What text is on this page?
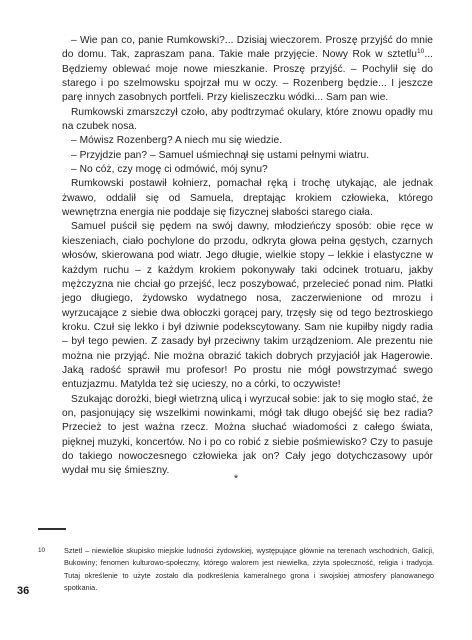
– Wie pan co, panie Rumkowski?... Dzisiaj wieczorem. Proszę przyjść do mnie do domu. Tak, zapraszam pana. Takie małe przyjęcie. Nowy Rok w sztetlu$^{10}$... Będziemy oblewać moje nowe mieszkanie. Proszę przyjść. – Pochylił się do starego i po szelmowsku spojrzał mu w oczy. – Rozenberg będzie... I jeszcze parę innych zasobnych portfeli. Przy kieliszeczku wódki... Sam pan wie.

Rumkowski zmarszczył czoło, aby podtrzymać okulary, które znowu opadły mu na czubek nosa.

– Mówisz Rozenberg? A niech mu się wiedzie.

– Przyjdzie pan? – Samuel uśmiechnął się ustami pełnymi wiatru.

– No cóż, czy mogę ci odmówić, mój synu?

Rumkowski postawił kołnierz, pomachał ręką i trochę utykając, ale jednak żwawo, oddalił się od Samuela, dreptając krokiem człowieka, którego wewnętrzna energia nie poddaje się fizycznej słabości starego ciała.

Samuel puścił się pędem na swój dawny, młodzieńczy sposób: obie ręce w kieszeniach, ciało pochylone do przodu, odkryta głowa pełna gęstych, czarnych włosów, skierowana pod wiatr. Jego długie, wielkie stopy – lekkie i elastyczne w każdym ruchu – z każdym krokiem pokonywały taki odcinek trotuaru, jakby mężczyzna nie chciał go przejść, lecz poszybować, przelecieć ponad nim. Płatki jego długiego, żydowsko wydatnego nosa, zaczerwienione od mrozu i wyrzucające z siebie dwa obłoczki gorącej pary, trzęsły się od tego beztroskiego kroku. Czuł się lekko i był dziwnie podekscytowany. Sam nie kupiłby nigdy radia – był tego pewien. Z zasady był przeciwny takim urządzeniom. Ale prezentu nie można nie przyjąć. Nie można obrazić takich dobrych przyjaciół jak Hagerowie. Jaką radość sprawił mu profesor! Po prostu nie mógł powstrzymać swego entuzjazmu. Matylda też się ucieszy, no a córki, to oczywiste!

Szukając dorożki, biegł wietrzną ulicą i wyrzucał sobie: jak to się mogło stać, że on, pasjonujący się wszelkimi nowinkami, mógł tak długo obejść się bez radia? Przecież to jest ważna rzecz. Można słuchać wiadomości z całego świata, pięknej muzyki, koncertów. No i po co robić z siebie pośmiewisko? Czy to pasuje do takiego nowoczesnego człowieka jak on? Cały jego dotychczasowy upór wydał mu się śmieszny.

*
10	Sztetl – niewielkie skupisko miejskie ludności żydowskiej, występujące głównie na terenach wschodnich, Galicji, Bukowiny; fenomen kulturowo-społeczny, którego walorem jest niewielka, zżyta społeczność, religia i tradycja. Tutaj określenie to użyte zostało dla podkreślenia kameralnego grona i swojskiej atmosfery planowanego spotkania.
36
